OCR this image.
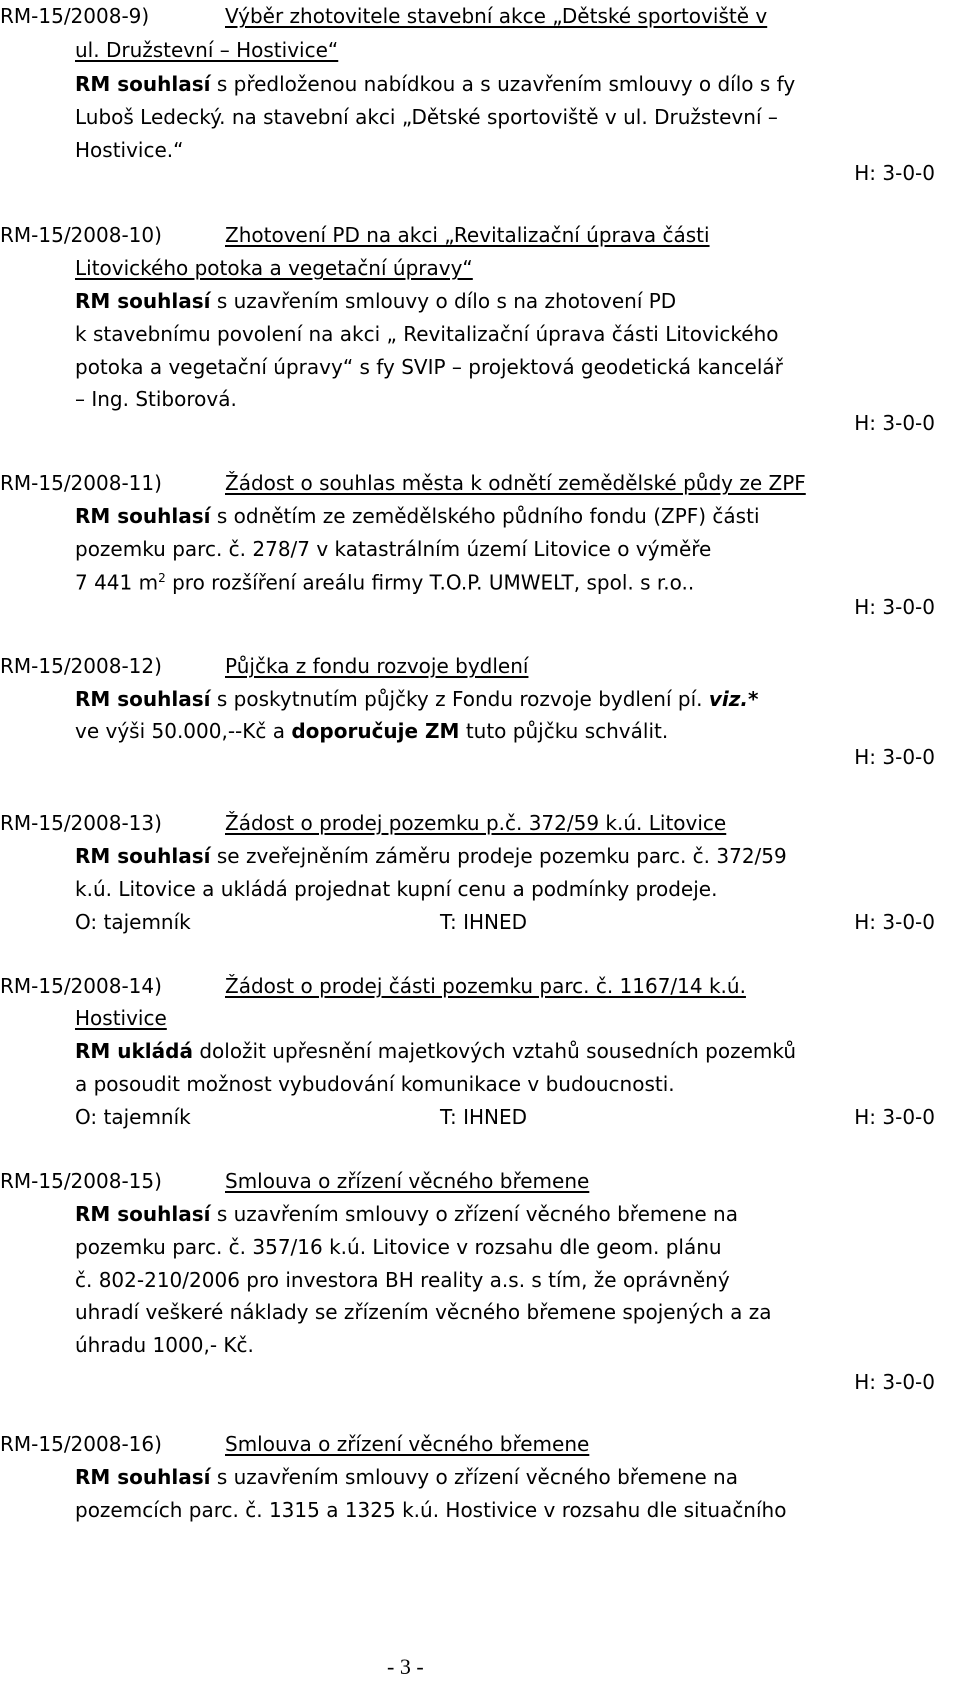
RM-15/2008-9)	Výběr zhotovitele stavební akce „Dětské sportoviště v
ul. Družstevní – Hostivice“
RM souhlasí s předloženou nabídkou a s uzavřením smlouvy o dílo s fy
Luboš Ledecký. na stavební akci „Dětské sportoviště v ul. Družstevní –
Hostivice.“
H: 3-0-0
RM-15/2008-10)	Zhotovení PD na akci „Revitalizační úprava části
Litovického potoka a vegetační úpravy“
RM souhlasí s uzavřením smlouvy o dílo s na zhotovení PD
k stavebnímu povolení na akci „ Revitalizační úprava části Litovického
potoka a vegetační úpravy“ s fy SVIP – projektová geodetická kancelář
– Ing. Stiborová.
H: 3-0-0
RM-15/2008-11)	Žádost o souhlas města k odnětí zemědělské půdy ze ZPF
RM souhlasí s odnětím ze zemědělského půdního fondu (ZPF) části
pozemku parc. č. 278/7 v katastrálním území Litovice o výměře
7 441 $m^2$ pro rozšíření areálu firmy T.O.P. UMWELT, spol. s r.o..
H: 3-0-0
RM-15/2008-12)	Půjčka z fondu rozvoje bydlení
RM souhlasí s poskytnutím půjčky z Fondu rozvoje bydlení pí. viz.*
ve výši 50.000,--Kč a doporučuje ZM tuto půjčku schválit.
H: 3-0-0
RM-15/2008-13)	Žádost o prodej pozemku p.č. 372/59 k.ú. Litovice
RM souhlasí se zveřejněním záměru prodeje pozemku parc. č. 372/59
k.ú. Litovice a ukládá projednat kupní cenu a podmínky prodeje.
O: tajemník	T: IHNED	H: 3-0-0
RM-15/2008-14)	Žádost o prodej části pozemku parc. č. 1167/14 k.ú.
Hostivice
RM ukládá doložit upřesnění majetkových vztahů sousedních pozemků
a posoudit možnost vybudování komunikace v budoucnosti.
O: tajemník	T: IHNED	H: 3-0-0
RM-15/2008-15)	Smlouva o zřízení věcného břemene
RM souhlasí s uzavřením smlouvy o zřízení věcného břemene na
pozemku parc. č. 357/16 k.ú. Litovice v rozsahu dle geom. plánu
č. 802-210/2006 pro investora BH reality a.s. s tím, že oprávněný
uhradí veškeré náklady se zřízením věcného břemene spojených a za
úhradu 1000,- Kč.
H: 3-0-0
RM-15/2008-16)	Smlouva o zřízení věcného břemene
RM souhlasí s uzavřením smlouvy o zřízení věcného břemene na
pozemcích parc. č. 1315 a 1325 k.ú. Hostivice v rozsahu dle situačního
- 3 -
